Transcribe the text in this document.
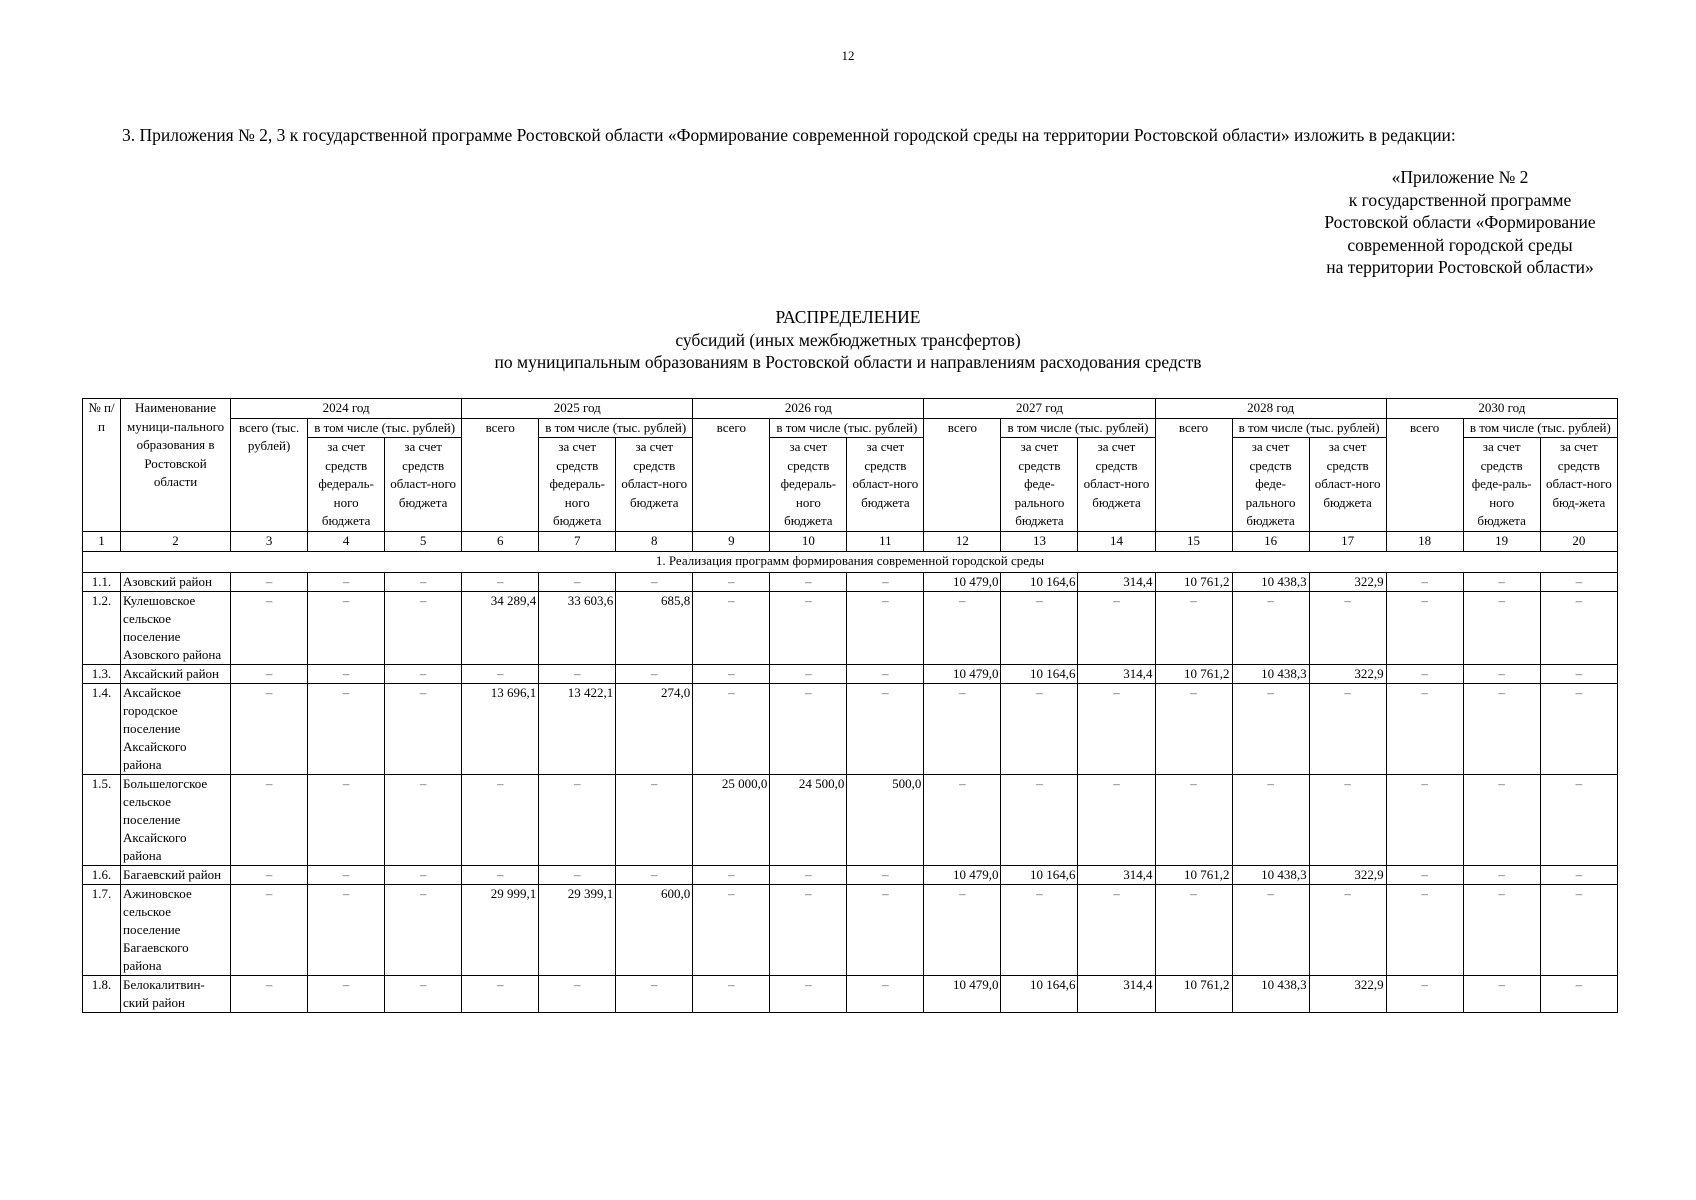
12
3. Приложения № 2, 3 к государственной программе Ростовской области «Формирование современной городской среды на территории Ростовской области» изложить в редакции:
«Приложение № 2
к государственной программе
Ростовской области «Формирование
современной городской среды
на территории Ростовской области»
РАСПРЕДЕЛЕНИЕ
субсидий (иных межбюджетных трансфертов)
по муниципальным образованиям в Ростовской области и направлениям расходования средств
№ п/п	Наименование муници-пального образования в Ростовской области	2024 год			2025 год			2026 год			2027 год			2028 год			2030 год		
		всего (тыс. рублей)	в том числе (тыс. рублей)		всего	в том числе (тыс. рублей)		всего	в том числе (тыс. рублей)		всего	в том числе (тыс. рублей)		всего	в том числе (тыс. рублей)		всего	в том числе (тыс. рублей)	
			за счет средств федераль-ного бюджета	за счет средств област-ного бюджета		за счет средств федераль-ного бюджета	за счет средств област-ного бюджета		за счет средств федераль-ного бюджета	за счет средств област-ного бюджета		за счет средств феде-рального бюджета	за счет средств област-ного бюджета		за счет средств феде-рального бюджета	за счет средств област-ного бюджета		за счет средств феде-раль-ного бюджета	за счет средств област-ного бюд-жета
1	2	3	4	5	6	7	8	9	10	11	12	13	14	15	16	17	18	19	20
1. Реализация программ формирования современной городской среды																			
1.1.	Азовский район	–	–	–	–	–	–	–	–	–	10 479,0	10 164,6	314,4	10 761,2	10 438,3	322,9	–	–	–
1.2.	Кулешовское сельское поселение Азовского района	–	–	–	34 289,4	33 603,6	685,8	–	–	–	–	–	–	–	–	–	–	–	–
1.3.	Аксайский район	–	–	–	–	–	–	–	–	–	10 479,0	10 164,6	314,4	10 761,2	10 438,3	322,9	–	–	–
1.4.	Аксайское городское поселение Аксайского района	–	–	–	13 696,1	13 422,1	274,0	–	–	–	–	–	–	–	–	–	–	–	–
1.5.	Большелогское сельское поселение Аксайского района	–	–	–	–	–	–	25 000,0	24 500,0	500,0	–	–	–	–	–	–	–	–	–
1.6.	Багаевский район	–	–	–	–	–	–	–	–	–	10 479,0	10 164,6	314,4	10 761,2	10 438,3	322,9	–	–	–
1.7.	Ажиновское сельское поселение Багаевского района	–	–	–	29 999,1	29 399,1	600,0	–	–	–	–	–	–	–	–	–	–	–	–
1.8.	Белокалитвин-ский район	–	–	–	–	–	–	–	–	–	10 479,0	10 164,6	314,4	10 761,2	10 438,3	322,9	–	–	–
